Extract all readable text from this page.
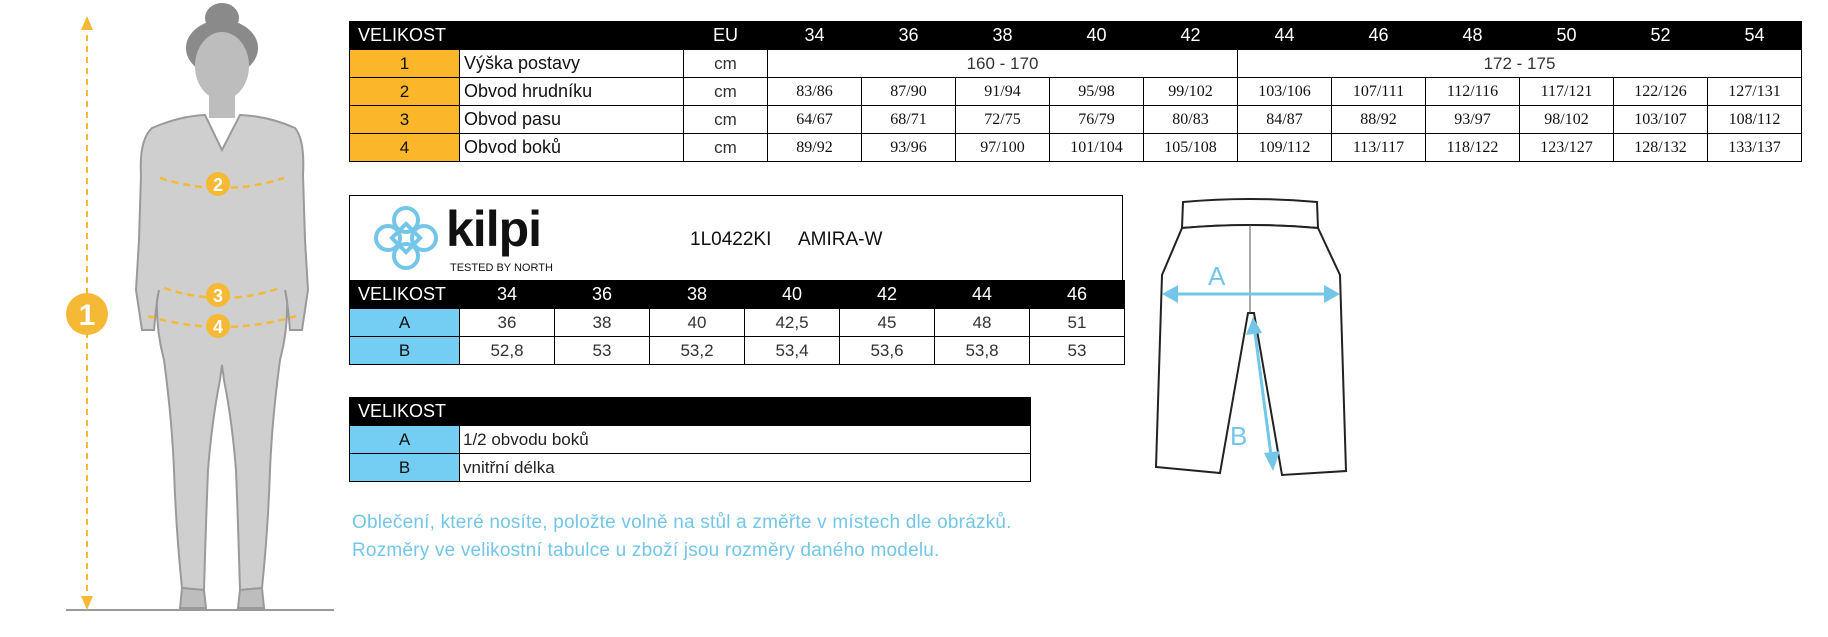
1
2
3
4
VELIKOST		EU	34	36	38	40	42	44	46	48	50	52	54
1	Výška postavy	cm	160 - 170					172 - 175					
2	Obvod hrudníku	cm	83/86	87/90	91/94	95/98	99/102	103/106	107/111	112/116	117/121	122/126	127/131
3	Obvod pasu	cm	64/67	68/71	72/75	76/79	80/83	84/87	88/92	93/97	98/102	103/107	108/112
4	Obvod boků	cm	89/92	93/96	97/100	101/104	105/108	109/112	113/117	118/122	123/127	128/132	133/137
kilpi
TESTED BY NORTH
1L0422KI AMIRA-W
VELIKOST	34	36	38	40	42	44	46
A	36	38	40	42,5	45	48	51
B	52,8	53	53,2	53,4	53,6	53,8	53
VELIKOST	
A	1/2 obvodu boků
B	vnitřní délka
A
B
Oblečení, které nosíte, položte volně na stůl a změřte v místech dle obrázků.
Rozměry ve velikostní tabulce u zboží jsou rozměry daného modelu.
